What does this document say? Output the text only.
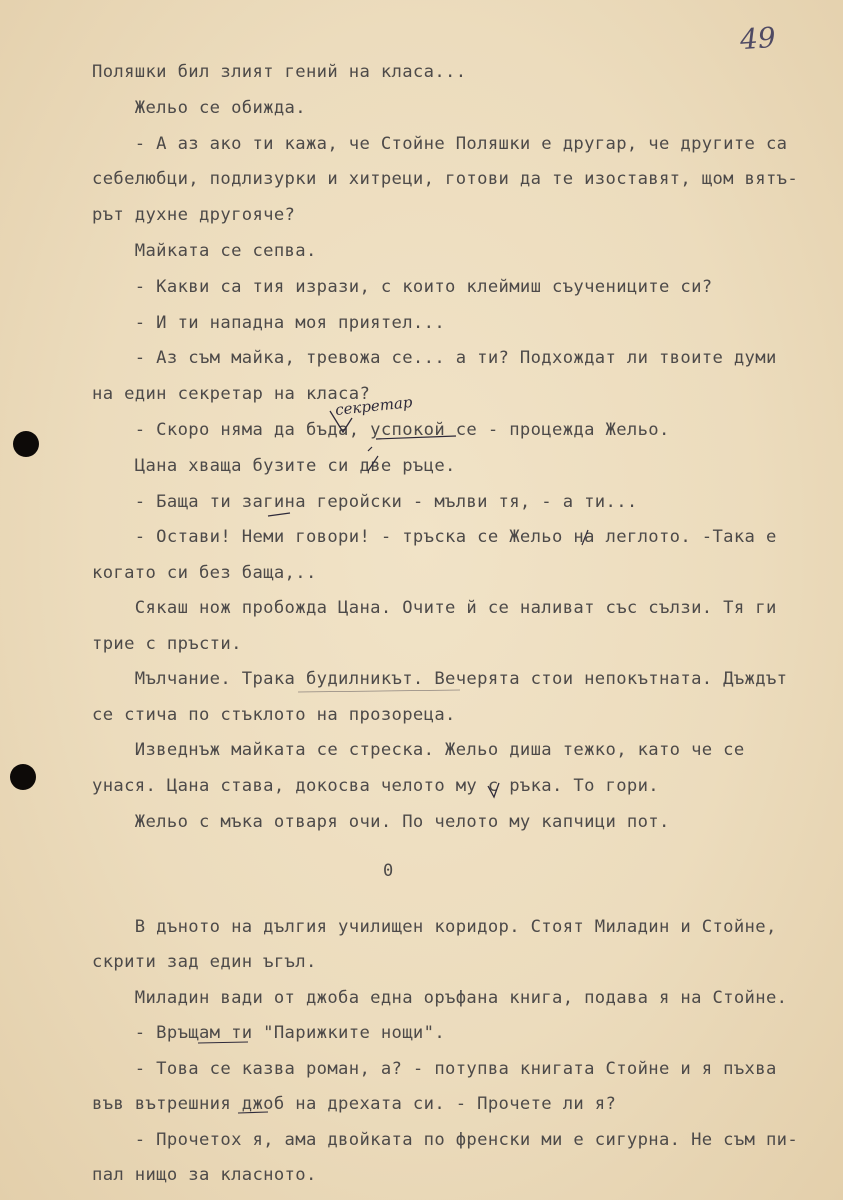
49
Поляшки бил злият гений на класа...
Жельо се обижда.
- А аз ако ти кажа, че Стойне Поляшки е другар, че другите са
себелюбци, подлизурки и хитреци, готови да те изоставят, щом вятъ-
рът духне другояче?
Майката се сепва.
- Какви са тия изрази, с които клеймиш съучениците си?
- И ти нападна моя приятел...
- Аз съм майка, тревожа се... а ти? Подхождат ли твоите думи
на един секретар на класа?
секретар
- Скоро няма да бъда, успокой се - процежда Жельо.
Цана хваща бузите си две ръце.
- Баща ти загина геройски - мълви тя, - а ти...
- Остави! Неми говори! - тръска се Жельо на леглото. -Така е
когато си без баща,..
Сякаш нож пробожда Цана. Очите й се наливат със сълзи. Тя ги
трие с пръсти.
Мълчание. Трака будилникът. Вечерята стои непокътната. Дъждът
се стича по стъклото на прозореца.
Изведнъж майката се стреска. Жельо диша тежко, като че се
унася. Цана става, докосва челото му с ръка. То гори.
Жельо с мъка отваря очи. По челото му капчици пот.
0
В дъното на дългия училищен коридор. Стоят Миладин и Стойне,
скрити зад един ъгъл.
Миладин вади от джоба една оръфана книга, подава я на Стойне.
- Връщам ти "Парижките нощи".
- Това се казва роман, а? - потупва книгата Стойне и я пъхва
във вътрешния джоб на дрехата си. - Прочете ли я?
- Прочетох я, ама двойката по френски ми е сигурна. Не съм пи-
пал нищо за класното.
